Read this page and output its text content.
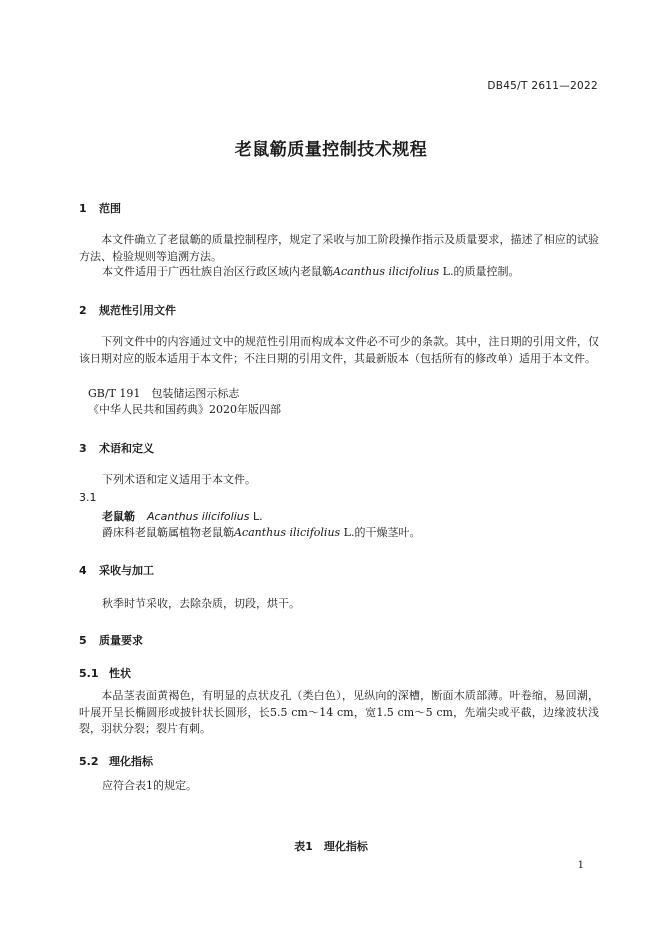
DB45/T 2611—2022
老鼠簕质量控制技术规程
1 范围
本文件确立了老鼠簕的质量控制程序，规定了采收与加工阶段操作指示及质量要求，描述了相应的试验方法、检验规则等追溯方法。
本文件适用于广西壮族自治区行政区域内老鼠簕Acanthus ilicifolius L.的质量控制。
2 规范性引用文件
下列文件中的内容通过文中的规范性引用而构成本文件必不可少的条款。其中，注日期的引用文件，仅该日期对应的版本适用于本文件；不注日期的引用文件，其最新版本（包括所有的修改单）适用于本文件。
GB/T 191　包装储运图示标志
《中华人民共和国药典》2020年版四部
3 术语和定义
下列术语和定义适用于本文件。
3.1
老鼠簕 Acanthus ilicifolius L.
爵床科老鼠簕属植物老鼠簕Acanthus ilicifolius L.的干燥茎叶。
4 采收与加工
秋季时节采收，去除杂质，切段，烘干。
5 质量要求
5.1 性状
本品茎表面黄褐色，有明显的点状皮孔（类白色），见纵向的深槽，断面木质部薄。叶卷缩，易回潮，叶展开呈长椭圆形或披针状长圆形，长5.5 cm～14 cm，宽1.5 cm～5 cm，先端尖或平截，边缘波状浅裂，羽状分裂；裂片有刺。
5.2 理化指标
应符合表1的规定。
表1　理化指标
1
